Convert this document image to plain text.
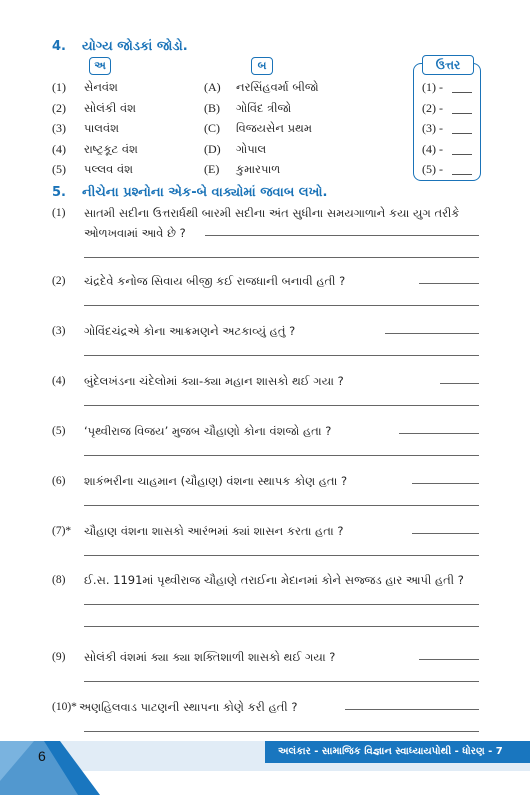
4. યોગ્ય જોડકાં જોડો.
અ	બ	ઉત્તર
(1) સેનવંશ	(A) નરસિંહવર્મા બીજો	(1) -
(2) સોલંકી વંશ	(B) ગોવિંદ ત્રીજો	(2) -
(3) પાલવંશ	(C) વિજયસેન પ્રથમ	(3) -
(4) રાષ્ટ્રકૂટ વંશ	(D) ગોપાલ	(4) -
(5) પલ્લવ વંશ	(E) કુમારપાળ	(5) -
5. નીચેના પ્રશ્નોના એક-બે વાક્યોમાં જવાબ લખો.
(1) સાતમી સદીના ઉત્તરાર્ધથી બારમી સદીના અંત સુધીના સમયગાળાને કયા યુગ તરીકે
ઓળખવામાં આવે છે ?
(2) ચંદ્રદેવે કનોજ સિવાય બીજી કઈ રાજધાની બનાવી હતી ?
(3) ગોવિંદચંદ્રએ કોના આક્રમણને અટકાવ્યું હતું ?
(4) બુંદેલખંડના ચંદેલોમાં ક્યા-ક્યા મહાન શાસકો થઈ ગયા ?
(5) ‘પૃથ્વીરાજ વિજય’ મુજબ ચૌહાણો કોના વંશજો હતા ?
(6) શાકંભરીના ચાહમાન (ચૌહાણ) વંશના સ્થાપક કોણ હતા ?
(7)* ચૌહાણ વંશના શાસકો આરંભમાં ક્યાં શાસન કરતા હતા ?
(8) ઈ.સ. 1191માં પૃથ્વીરાજ ચૌહાણે તરાઈના મેદાનમાં કોને સજ્જડ હાર આપી હતી ?
(9) સોલંકી વંશમાં ક્યા ક્યા શક્તિશાળી શાસકો થઈ ગયા ?
(10)* અણહિલવાડ પાટણની સ્થાપના કોણે કરી હતી ?
અલંકાર - સામાજિક વિજ્ઞાન સ્વાધ્યાયપોથી - ધોરણ - 7
6
